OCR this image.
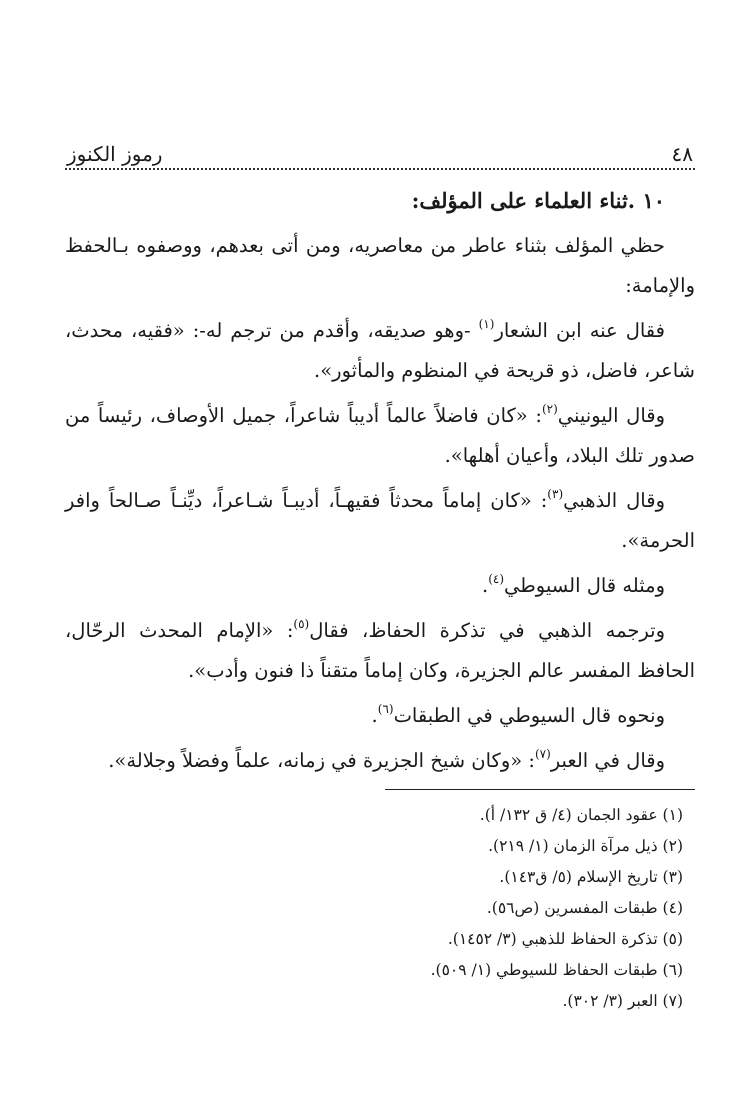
٤٨
رموز الكنوز
١٠ .ثناء العلماء على المؤلف:

حظي المؤلف بثناء عاطر من معاصريه، ومن أتى بعدهم، ووصفوه بـالحفظ والإمامة:

فقال عنه ابن الشعار$^{(١)}$ -وهو صديقه، وأقدم من ترجم له-: «فقيه، محدث، شاعر، فاضل، ذو قريحة في المنظوم والمأثور».

وقال اليونيني$^{(٢)}$: «كان فاضلاً عالماً أديباً شاعراً، جميل الأوصاف، رئيساً من صدور تلك البلاد، وأعيان أهلها».

وقال الذهبي$^{(٣)}$: «كان إماماً محدثاً فقيهـاً، أديبـاً شـاعراً، ديِّنـاً صـالحاً وافر الحرمة».

ومثله قال السيوطي$^{(٤)}$.

وترجمه الذهبي في تذكرة الحفاظ، فقال$^{(٥)}$: «الإمام المحدث الرحّال، الحافظ المفسر عالم الجزيرة، وكان إماماً متقناً ذا فنون وأدب».

ونحوه قال السيوطي في الطبقات$^{(٦)}$.

وقال في العبر$^{(٧)}$: «وكان شيخ الجزيرة في زمانه، علماً وفضلاً وجلالة».

(١) عقود الجمان (٤/ ق ١٣٢/ أ).
(٢) ذيل مرآة الزمان (١/ ٢١٩).
(٣) تاريخ الإسلام (٥/ ق١٤٣).
(٤) طبقات المفسرين (ص٥٦).
(٥) تذكرة الحفاظ للذهبي (٣/ ١٤٥٢).
(٦) طبقات الحفاظ للسيوطي (١/ ٥٠٩).
(٧) العبر (٣/ ٣٠٢).
